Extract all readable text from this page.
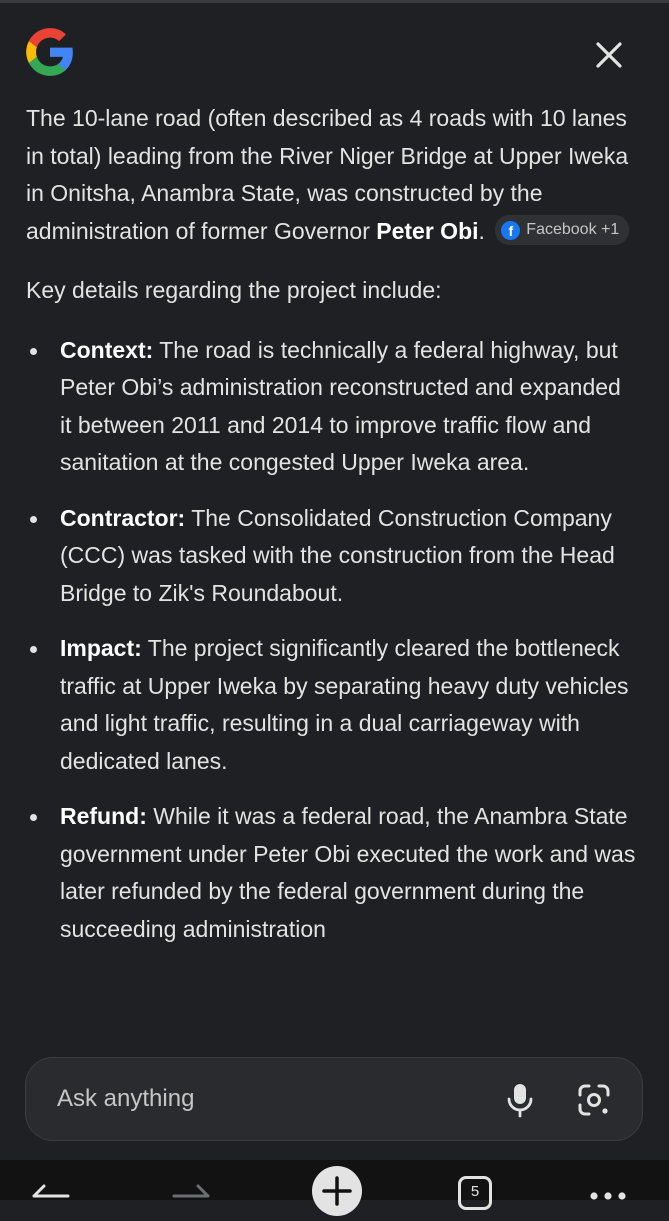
The 10-lane road (often described as 4 roads with 10 lanes in total) leading from the River Niger Bridge at Upper Iweka in Onitsha, Anambra State, was constructed by the administration of former Governor Peter Obi.	f Facebook +1

Key details regarding the project include:

Context: The road is technically a federal highway, but Peter Obi’s administration reconstructed and expanded it between 2011 and 2014 to improve traffic flow and sanitation at the congested Upper Iweka area.
Contractor: The Consolidated Construction Company (CCC) was tasked with the construction from the Head Bridge to Zik's Roundabout.
Impact: The project significantly cleared the bottleneck traffic at Upper Iweka by separating heavy duty vehicles and light traffic, resulting in a dual carriageway with dedicated lanes.
Refund: While it was a federal road, the Anambra State government under Peter Obi executed the work and was later refunded by the federal government during the succeeding administration
Ask anything
5
